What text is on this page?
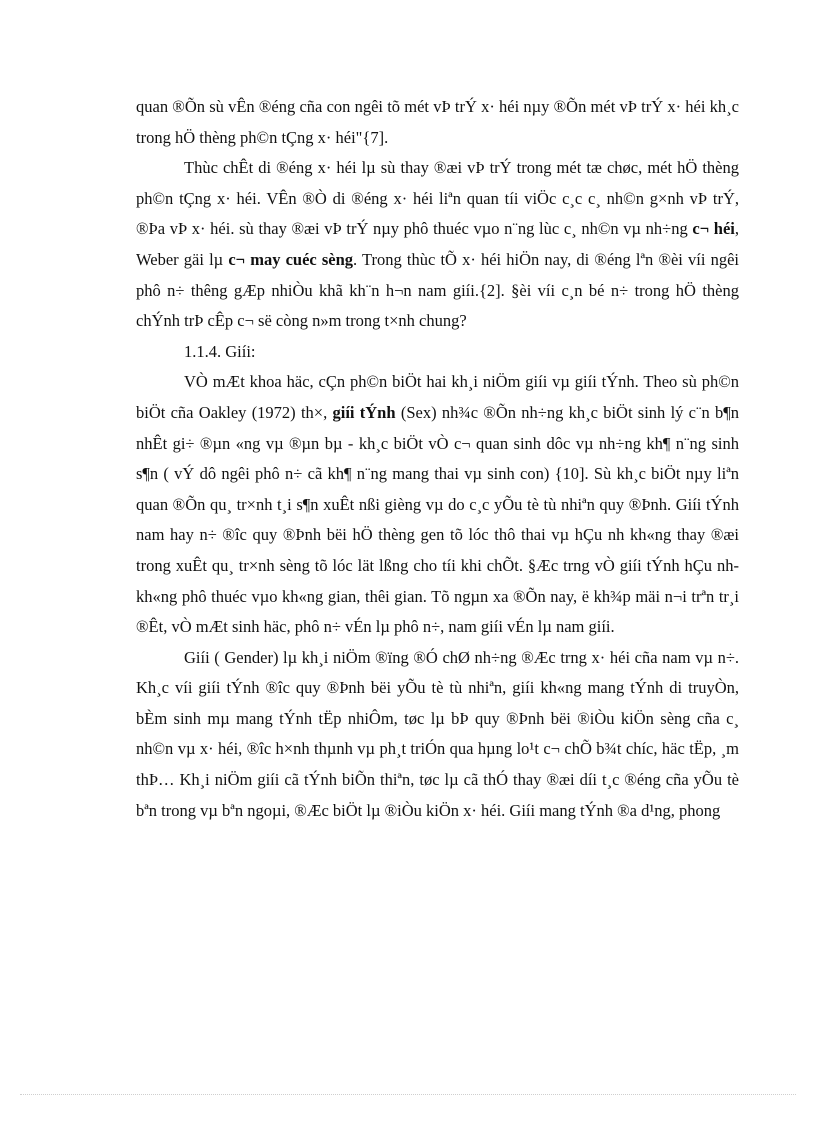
quan ®Õn sù vÊn ®éng cña con ngêi tõ mét vÞ trÝ x· héi nµy ®Õn mét vÞ trÝ x· héi kh¸c trong hÖ thèng ph©n tÇng x· héi"{7].

Thùc chÊt di ®éng x· héi lµ sù thay ®æi vÞ trÝ trong mét tæ chøc, mét hÖ thèng ph©n tÇng x· héi. VÊn ®Ò di ®éng x· héi liªn quan tíi viÖc c¸c c¸ nh©n g×nh vÞ trÝ, ®Þa vÞ x· héi. sù thay ®æi vÞ trÝ nµy phô thuéc vµo n¨ng lùc c¸ nh©n vµ nh÷ng c¬ héi, Weber gäi lµ c¬ may cuéc sèng. Trong thùc tÕ x· héi hiÖn nay, di ®éng lªn ®èi víi ngêi phô n÷ thêng gÆp nhiÒu khã kh¨n h¬n nam giíi.{2]. §èi víi c¸n bé n÷ trong hÖ thèng chÝnh trÞ cÊp c¬ së còng n»m trong t×nh chung?

1.1.4. Giíi:

VÒ mÆt khoa häc, cÇn ph©n biÖt hai kh¸i niÖm giíi vµ giíi tÝnh. Theo sù ph©n biÖt cña Oakley (1972) th×, giíi tÝnh (Sex) nh¾c ®Õn nh÷ng kh¸c biÖt sinh lý c¨n b¶n nhÊt gi÷ ®µn «ng vµ ®µn bµ - kh¸c biÖt vÒ c¬ quan sinh dôc vµ nh÷ng kh¶ n¨ng sinh s¶n ( vÝ dô ngêi phô n÷ cã kh¶ n¨ng mang thai vµ sinh con) {10]. Sù kh¸c biÖt nµy liªn quan ®Õn qu¸ tr×nh t¸i s¶n xuÊt nßi gièng vµ do c¸c yÕu tè tù nhiªn quy ®Þnh. Giíi tÝnh nam hay n÷ ®îc quy ®Þnh bëi hÖ thèng gen tõ lóc thô thai vµ hÇu nh kh«ng thay ®æi trong xuÊt qu¸ tr×nh sèng tõ lóc lät lßng cho tíi khi chÕt. §Æc trng vÒ giíi tÝnh hÇu nh kh«ng phô thuéc vµo kh«ng gian, thêi gian. Tõ ngµn xa ®Õn nay, ë kh¾p mäi n¬i trªn tr¸i ®Êt, vÒ mÆt sinh häc, phô n÷ vÉn lµ phô n÷, nam giíi vÉn lµ nam giíi.

Giíi ( Gender) lµ kh¸i niÖm ®ïng ®Ó chØ nh÷ng ®Æc trng x· héi cña nam vµ n÷. Kh¸c víi giíi tÝnh ®îc quy ®Þnh bëi yÕu tè tù nhiªn, giíi kh«ng mang tÝnh di truyÒn, bÈm sinh mµ mang tÝnh tËp nhiÔm, tøc lµ bÞ quy ®Þnh bëi ®iÒu kiÖn sèng cña c¸ nh©n vµ x· héi, ®îc h×nh thµnh vµ ph¸t triÓn qua hµng lo¹t c¬ chÕ b¾t chíc, häc tËp, ¸m thÞ… Kh¸i niÖm giíi cã tÝnh biÕn thiªn, tøc lµ cã thÓ thay ®æi díi t¸c ®éng cña yÕu tè bªn trong vµ bªn ngoµi, ®Æc biÖt lµ ®iÒu kiÖn x· héi. Giíi mang tÝnh ®a d¹ng, phong
